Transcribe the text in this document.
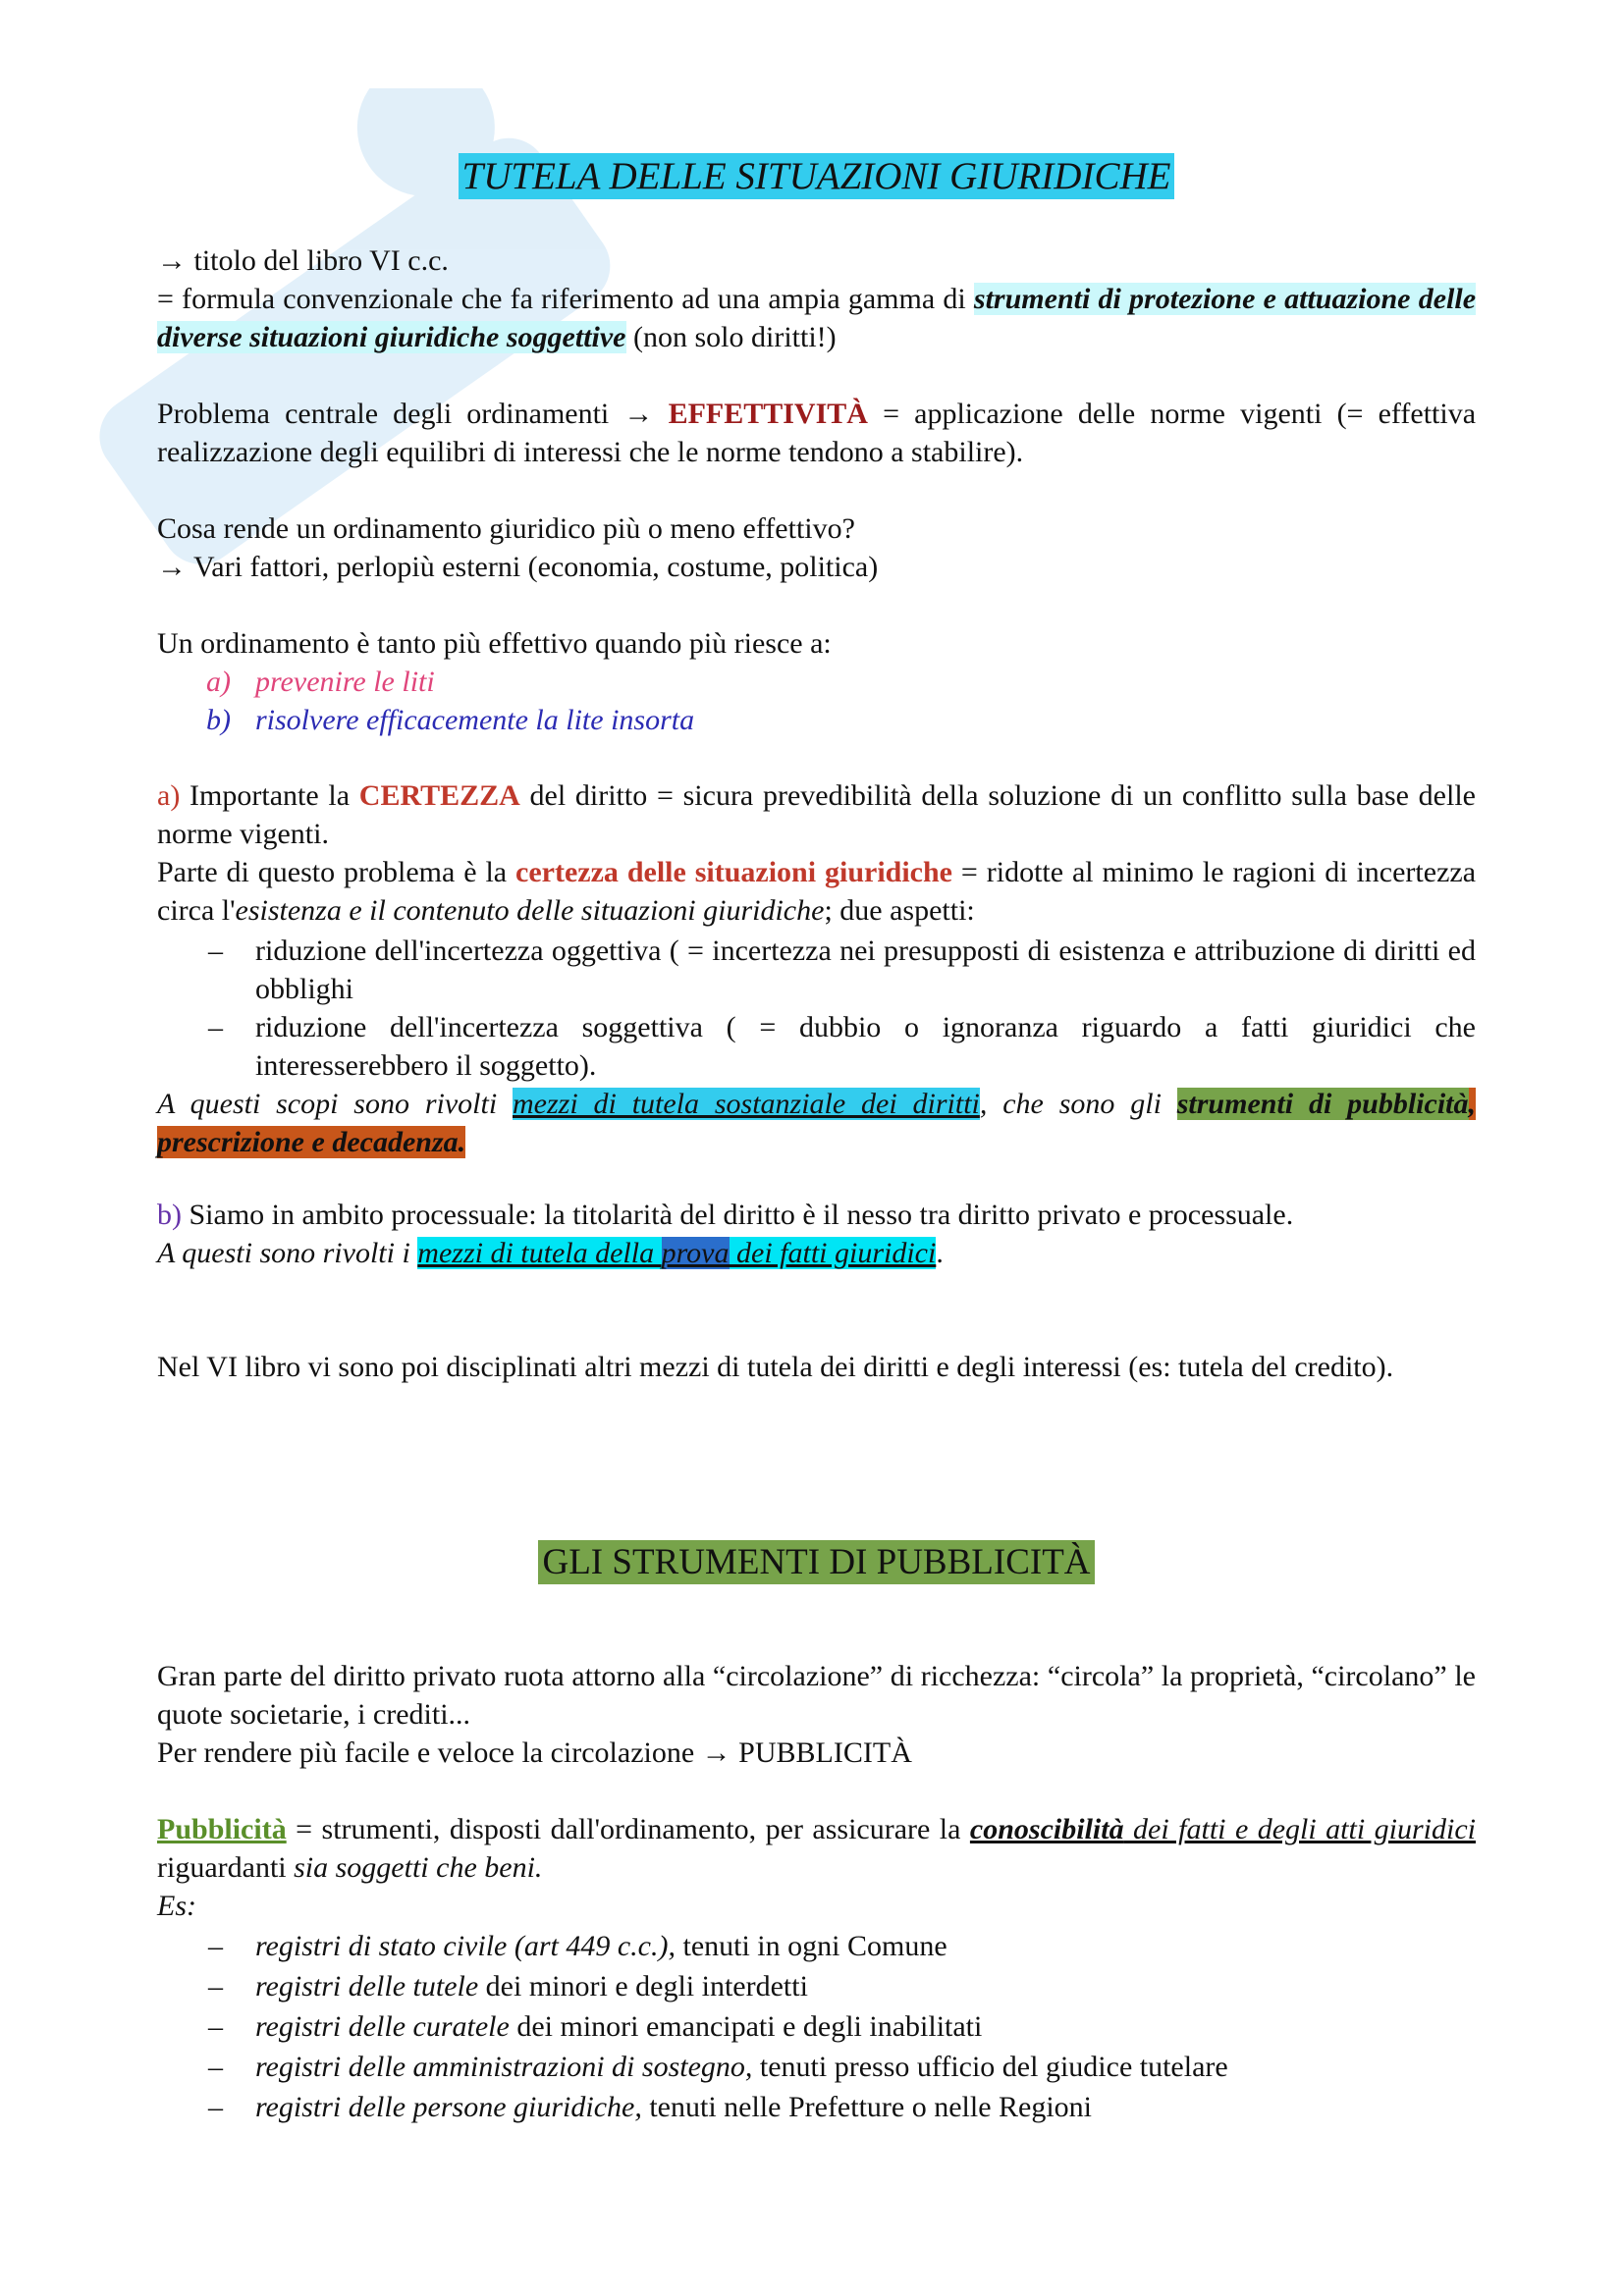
TUTELA DELLE SITUAZIONI GIURIDICHE
→ titolo del libro VI c.c.
= formula convenzionale che fa riferimento ad una ampia gamma di strumenti di protezione e attuazione delle diverse situazioni giuridiche soggettive (non solo diritti!)
Problema centrale degli ordinamenti → EFFETTIVITÀ = applicazione delle norme vigenti (= effettiva realizzazione degli equilibri di interessi che le norme tendono a stabilire).
Cosa rende un ordinamento giuridico più o meno effettivo?
→ Vari fattori, perlopiù esterni (economia, costume, politica)
Un ordinamento è tanto più effettivo quando più riesce a:
a) prevenire le liti
b) risolvere efficacemente la lite insorta
a) Importante la CERTEZZA del diritto = sicura prevedibilità della soluzione di un conflitto sulla base delle norme vigenti.
Parte di questo problema è la certezza delle situazioni giuridiche = ridotte al minimo le ragioni di incertezza circa l'esistenza e il contenuto delle situazioni giuridiche; due aspetti:
– riduzione dell'incertezza oggettiva ( = incertezza nei presupposti di esistenza e attribuzione di diritti ed obblighi
– riduzione dell'incertezza soggettiva ( = dubbio o ignoranza riguardo a fatti giuridici che interesserebbero il soggetto).
A questi scopi sono rivolti mezzi di tutela sostanziale dei diritti, che sono gli strumenti di pubblicità, prescrizione e decadenza.
b) Siamo in ambito processuale: la titolarità del diritto è il nesso tra diritto privato e processuale.
A questi sono rivolti i mezzi di tutela della prova dei fatti giuridici.
Nel VI libro vi sono poi disciplinati altri mezzi di tutela dei diritti e degli interessi (es: tutela del credito).
GLI STRUMENTI DI PUBBLICITÀ
Gran parte del diritto privato ruota attorno alla “circolazione” di ricchezza: “circola” la proprietà, “circolano” le quote societarie, i crediti...
Per rendere più facile e veloce la circolazione → PUBBLICITÀ
Pubblicità = strumenti, disposti dall'ordinamento, per assicurare la conoscibilità dei fatti e degli atti giuridici riguardanti sia soggetti che beni.
Es:
– registri di stato civile (art 449 c.c.), tenuti in ogni Comune
– registri delle tutele dei minori e degli interdetti
– registri delle curatele dei minori emancipati e degli inabilitati
– registri delle amministrazioni di sostegno, tenuti presso ufficio del giudice tutelare
– registri delle persone giuridiche, tenuti nelle Prefetture o nelle Regioni
